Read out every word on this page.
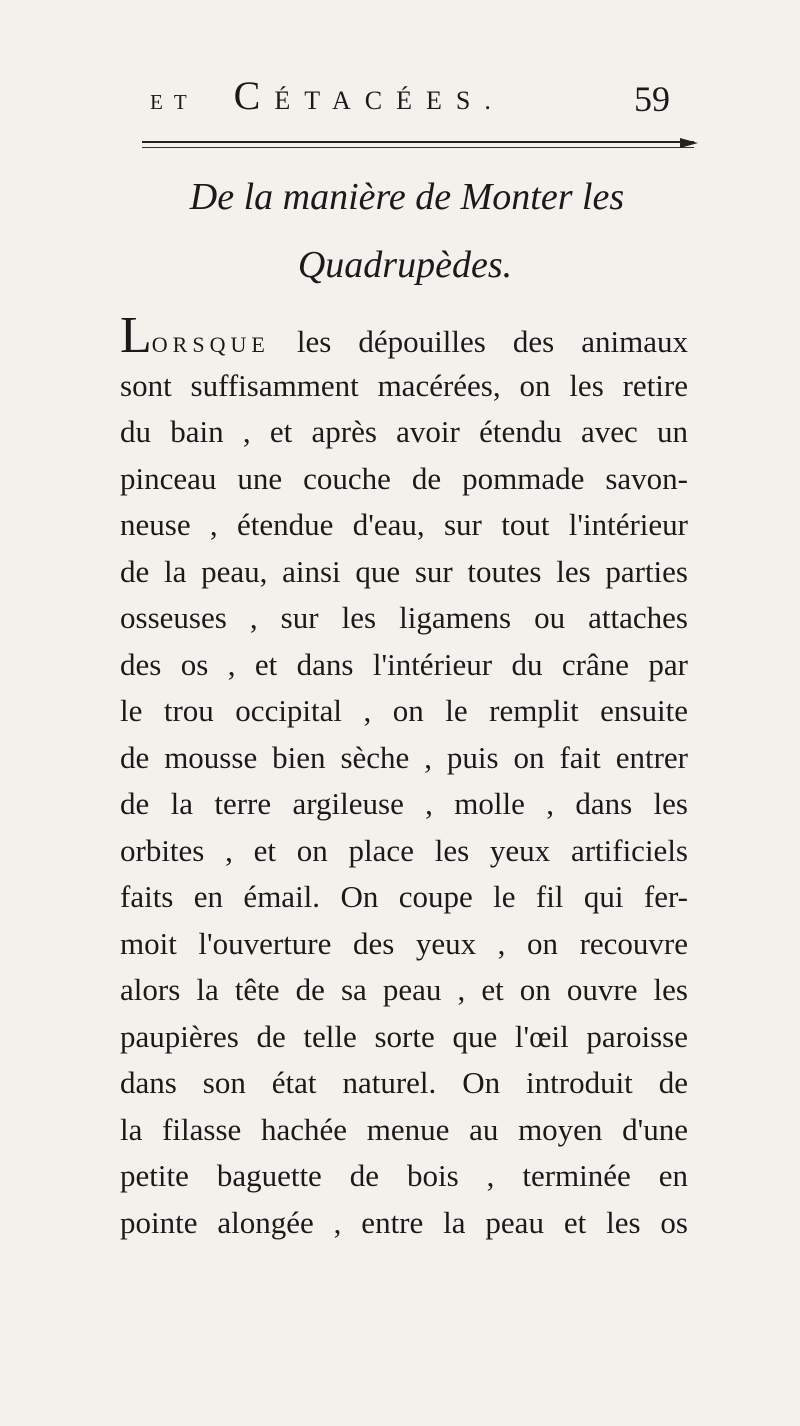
ET CÉTACÉES.	59
De la manière de Monter les
Quadrupèdes.
LORSQUE les dépouilles des animaux
sont suffisamment macérées, on les retire
du bain , et après avoir étendu avec un
pinceau une couche de pommade savon-
neuse , étendue d'eau, sur tout l'intérieur
de la peau, ainsi que sur toutes les parties
osseuses , sur les ligamens ou attaches
des os , et dans l'intérieur du crâne par
le trou occipital , on le remplit ensuite
de mousse bien sèche , puis on fait entrer
de la terre argileuse , molle , dans les
orbites , et on place les yeux artificiels
faits en émail. On coupe le fil qui fer-
moit l'ouverture des yeux , on recouvre
alors la tête de sa peau , et on ouvre les
paupières de telle sorte que l'œil paroisse
dans son état naturel. On introduit de
la filasse hachée menue au moyen d'une
petite baguette de bois , terminée en
pointe alongée , entre la peau et les os
